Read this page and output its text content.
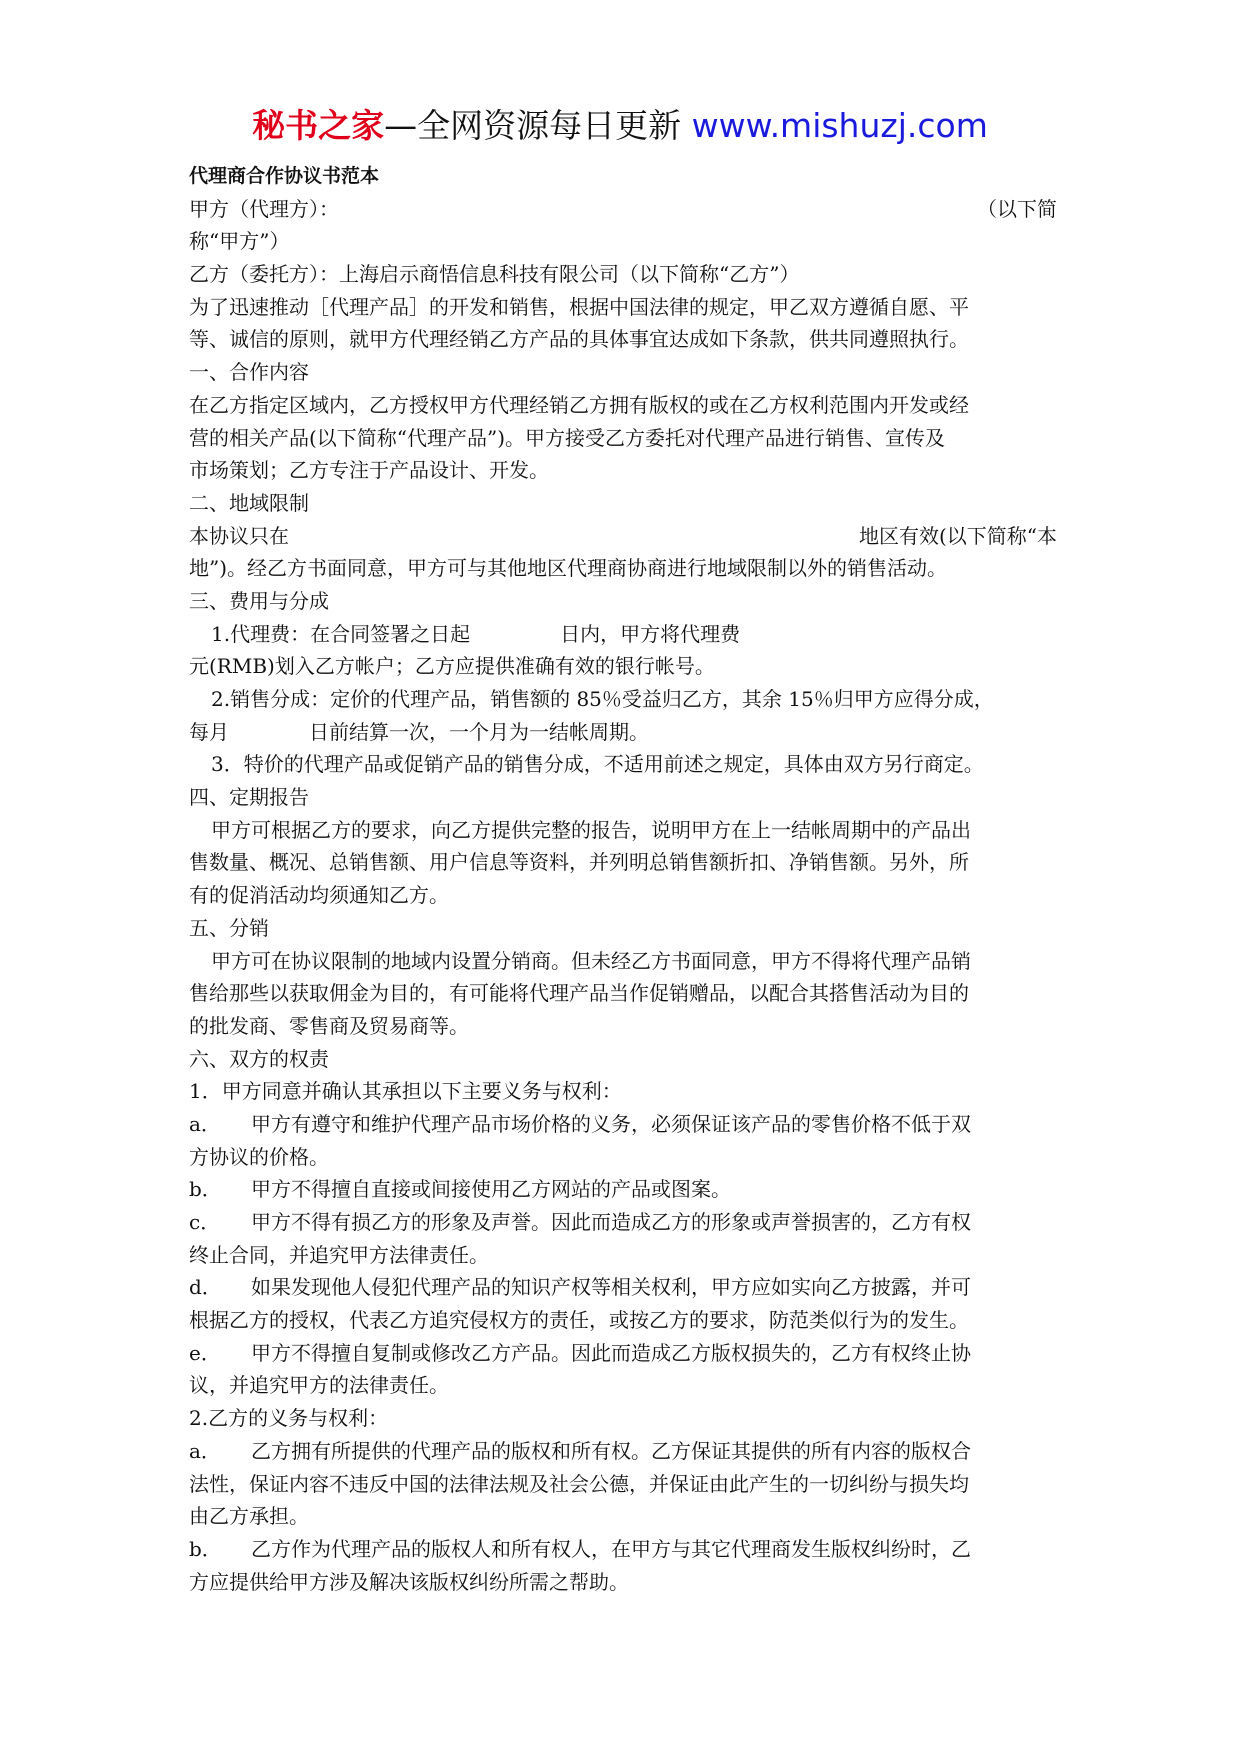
秘书之家—全网资源每日更新 www.mishuzj.com
代理商合作协议书范本
甲方（代理方）：	（以下简
称“甲方”）
乙方（委托方）：上海启示商悟信息科技有限公司（以下简称“乙方”）
为了迅速推动［代理产品］的开发和销售，根据中国法律的规定，甲乙双方遵循自愿、平
等、诚信的原则，就甲方代理经销乙方产品的具体事宜达成如下条款，供共同遵照执行。
一、合作内容
在乙方指定区域内，乙方授权甲方代理经销乙方拥有版权的或在乙方权利范围内开发或经
营的相关产品(以下简称“代理产品”)。甲方接受乙方委托对代理产品进行销售、宣传及
市场策划；乙方专注于产品设计、开发。
二、地域限制
本协议只在	地区有效(以下简称“本
地”)。经乙方书面同意，甲方可与其他地区代理商协商进行地域限制以外的销售活动。
三、费用与分成
1.代理费：在合同签署之日起	日内，甲方将代理费
元(RMB)划入乙方帐户；乙方应提供准确有效的银行帐号。
2.销售分成：定价的代理产品，销售额的 85％受益归乙方，其余 15％归甲方应得分成，
每月	日前结算一次，一个月为一结帐周期。
3．特价的代理产品或促销产品的销售分成，不适用前述之规定，具体由双方另行商定。
四、定期报告
甲方可根据乙方的要求，向乙方提供完整的报告，说明甲方在上一结帐周期中的产品出
售数量、概况、总销售额、用户信息等资料，并列明总销售额折扣、净销售额。另外，所
有的促消活动均须通知乙方。
五、分销
甲方可在协议限制的地域内设置分销商。但未经乙方书面同意，甲方不得将代理产品销
售给那些以获取佣金为目的，有可能将代理产品当作促销赠品，以配合其搭售活动为目的
的批发商、零售商及贸易商等。
六、双方的权责
1．甲方同意并确认其承担以下主要义务与权利：
a． 甲方有遵守和维护代理产品市场价格的义务，必须保证该产品的零售价格不低于双
方协议的价格。
b． 甲方不得擅自直接或间接使用乙方网站的产品或图案。
c． 甲方不得有损乙方的形象及声誉。因此而造成乙方的形象或声誉损害的，乙方有权
终止合同，并追究甲方法律责任。
d． 如果发现他人侵犯代理产品的知识产权等相关权利，甲方应如实向乙方披露，并可
根据乙方的授权，代表乙方追究侵权方的责任，或按乙方的要求，防范类似行为的发生。
e． 甲方不得擅自复制或修改乙方产品。因此而造成乙方版权损失的，乙方有权终止协
议，并追究甲方的法律责任。
2.乙方的义务与权利：
a． 乙方拥有所提供的代理产品的版权和所有权。乙方保证其提供的所有内容的版权合
法性，保证内容不违反中国的法律法规及社会公德，并保证由此产生的一切纠纷与损失均
由乙方承担。
b． 乙方作为代理产品的版权人和所有权人，在甲方与其它代理商发生版权纠纷时，乙
方应提供给甲方涉及解决该版权纠纷所需之帮助。
